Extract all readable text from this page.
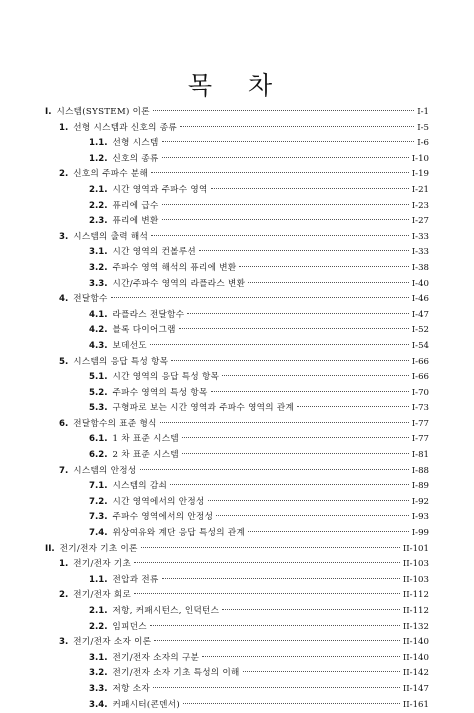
목 차
I. 시스템(SYSTEM) 이론	I-1
1. 선형 시스템과 신호의 종류	I-5
1.1. 선형 시스템	I-6
1.2. 신호의 종류	I-10
2. 신호의 주파수 분해	I-19
2.1. 시간 영역과 주파수 영역	I-21
2.2. 퓨리에 급수	I-23
2.3. 퓨리에 변환	I-27
3. 시스템의 출력 해석	I-33
3.1. 시간 영역의 컨볼루션	I-33
3.2. 주파수 영역 해석의 퓨리에 변환	I-38
3.3. 시간/주파수 영역의 라플라스 변환	I-40
4. 전달함수	I-46
4.1. 라플라스 전달함수	I-47
4.2. 블록 다이어그램	I-52
4.3. 보데선도	I-54
5. 시스템의 응답 특성 항목	I-66
5.1. 시간 영역의 응답 특성 항목	I-66
5.2. 주파수 영역의 특성 항목	I-70
5.3. 구형파로 보는 시간 영역과 주파수 영역의 관계	I-73
6. 전달함수의 표준 형식	I-77
6.1. 1 차 표준 시스템	I-77
6.2. 2 차 표준 시스템	I-81
7. 시스템의 안정성	I-88
7.1. 시스템의 감쇠	I-89
7.2. 시간 영역에서의 안정성	I-92
7.3. 주파수 영역에서의 안정성	I-93
7.4. 위상여유와 계단 응답 특성의 관계	I-99
II. 전기/전자 기초 이론	II-101
1. 전기/전자 기초	II-103
1.1. 전압과 전류	II-103
2. 전기/전자 회로	II-112
2.1. 저항, 커패시턴스, 인덕턴스	II-112
2.2. 임피던스	II-132
3. 전기/전자 소자 이론	II-140
3.1. 전기/전자 소자의 구분	II-140
3.2. 전기/전자 소자 기초 특성의 이해	II-142
3.3. 저항 소자	II-147
3.4. 커패시터(콘덴서)	II-161
